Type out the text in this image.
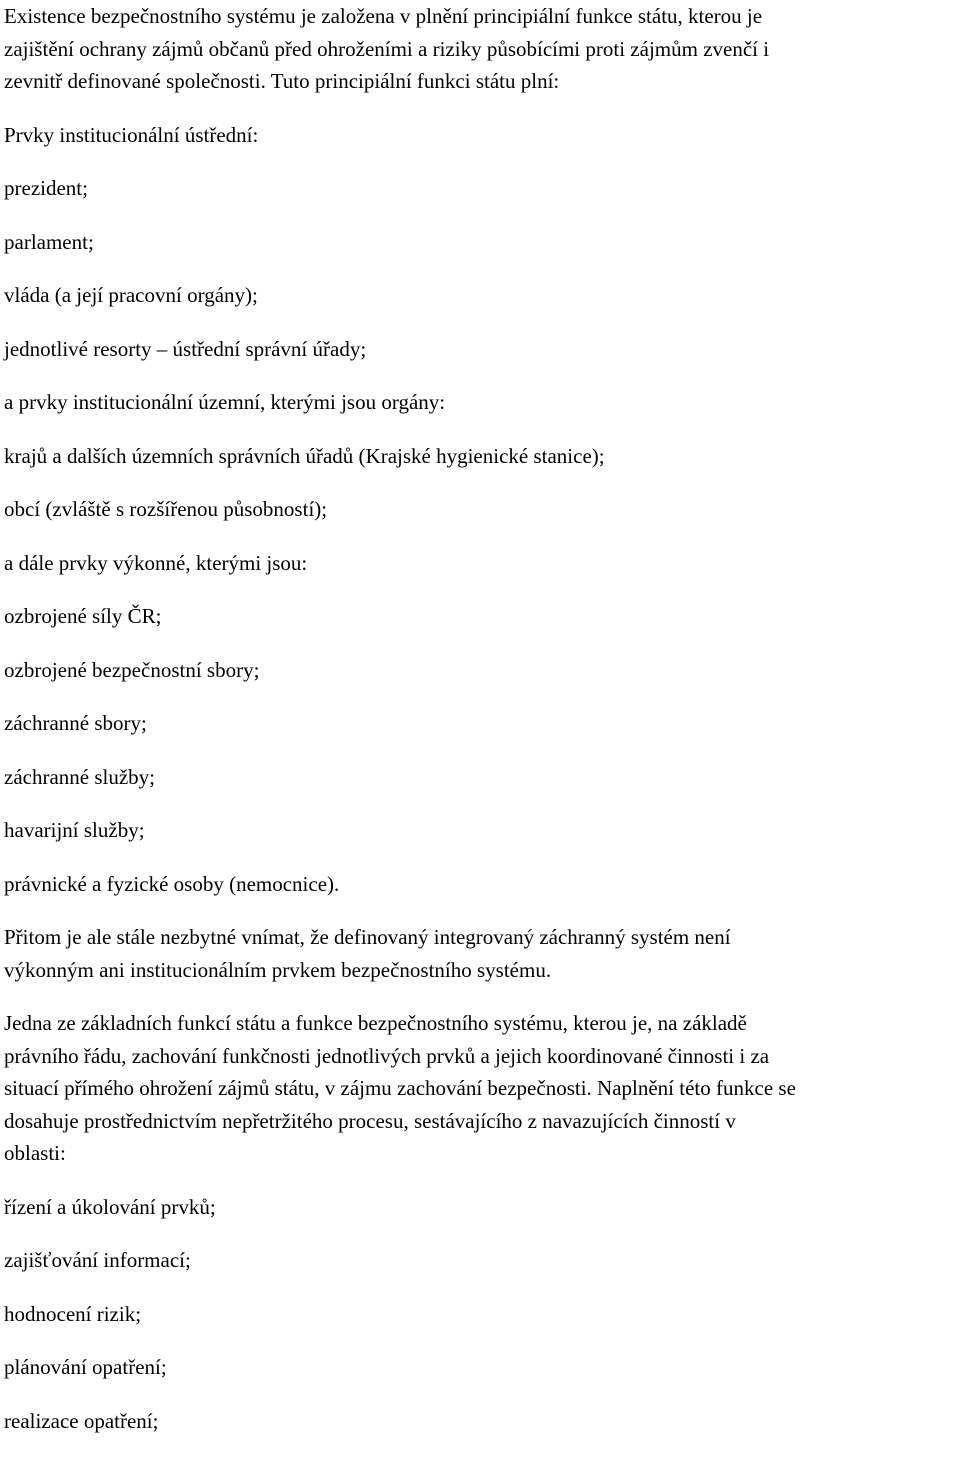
Existence bezpečnostního systému je založena v plnění principiální funkce státu, kterou je

zajištění ochrany zájmů občanů před ohroženími a riziky působícími proti zájmům zvenčí i

zevnitř definované společnosti. Tuto principiální funkci státu plní:

Prvky institucionální ústřední:

prezident;

parlament;

vláda (a její pracovní orgány);

jednotlivé resorty – ústřední správní úřady;

a prvky institucionální územní, kterými jsou orgány:

krajů a dalších územních správních úřadů (Krajské hygienické stanice);

obcí (zvláště s rozšířenou působností);

a dále prvky výkonné, kterými jsou:

ozbrojené síly ČR;

ozbrojené bezpečnostní sbory;

záchranné sbory;

záchranné služby;

havarijní služby;

právnické a fyzické osoby (nemocnice).

Přitom je ale stále nezbytné vnímat, že definovaný integrovaný záchranný systém není

výkonným ani institucionálním prvkem bezpečnostního systému.

Jedna ze základních funkcí státu a funkce bezpečnostního systému, kterou je, na základě

právního řádu, zachování funkčnosti jednotlivých prvků a jejich koordinované činnosti i za

situací přímého ohrožení zájmů státu, v zájmu zachování bezpečnosti. Naplnění této funkce se

dosahuje prostřednictvím nepřetržitého procesu, sestávajícího z navazujících činností v

oblasti:

řízení a úkolování prvků;

zajišťování informací;

hodnocení rizik;

plánování opatření;

realizace opatření;
